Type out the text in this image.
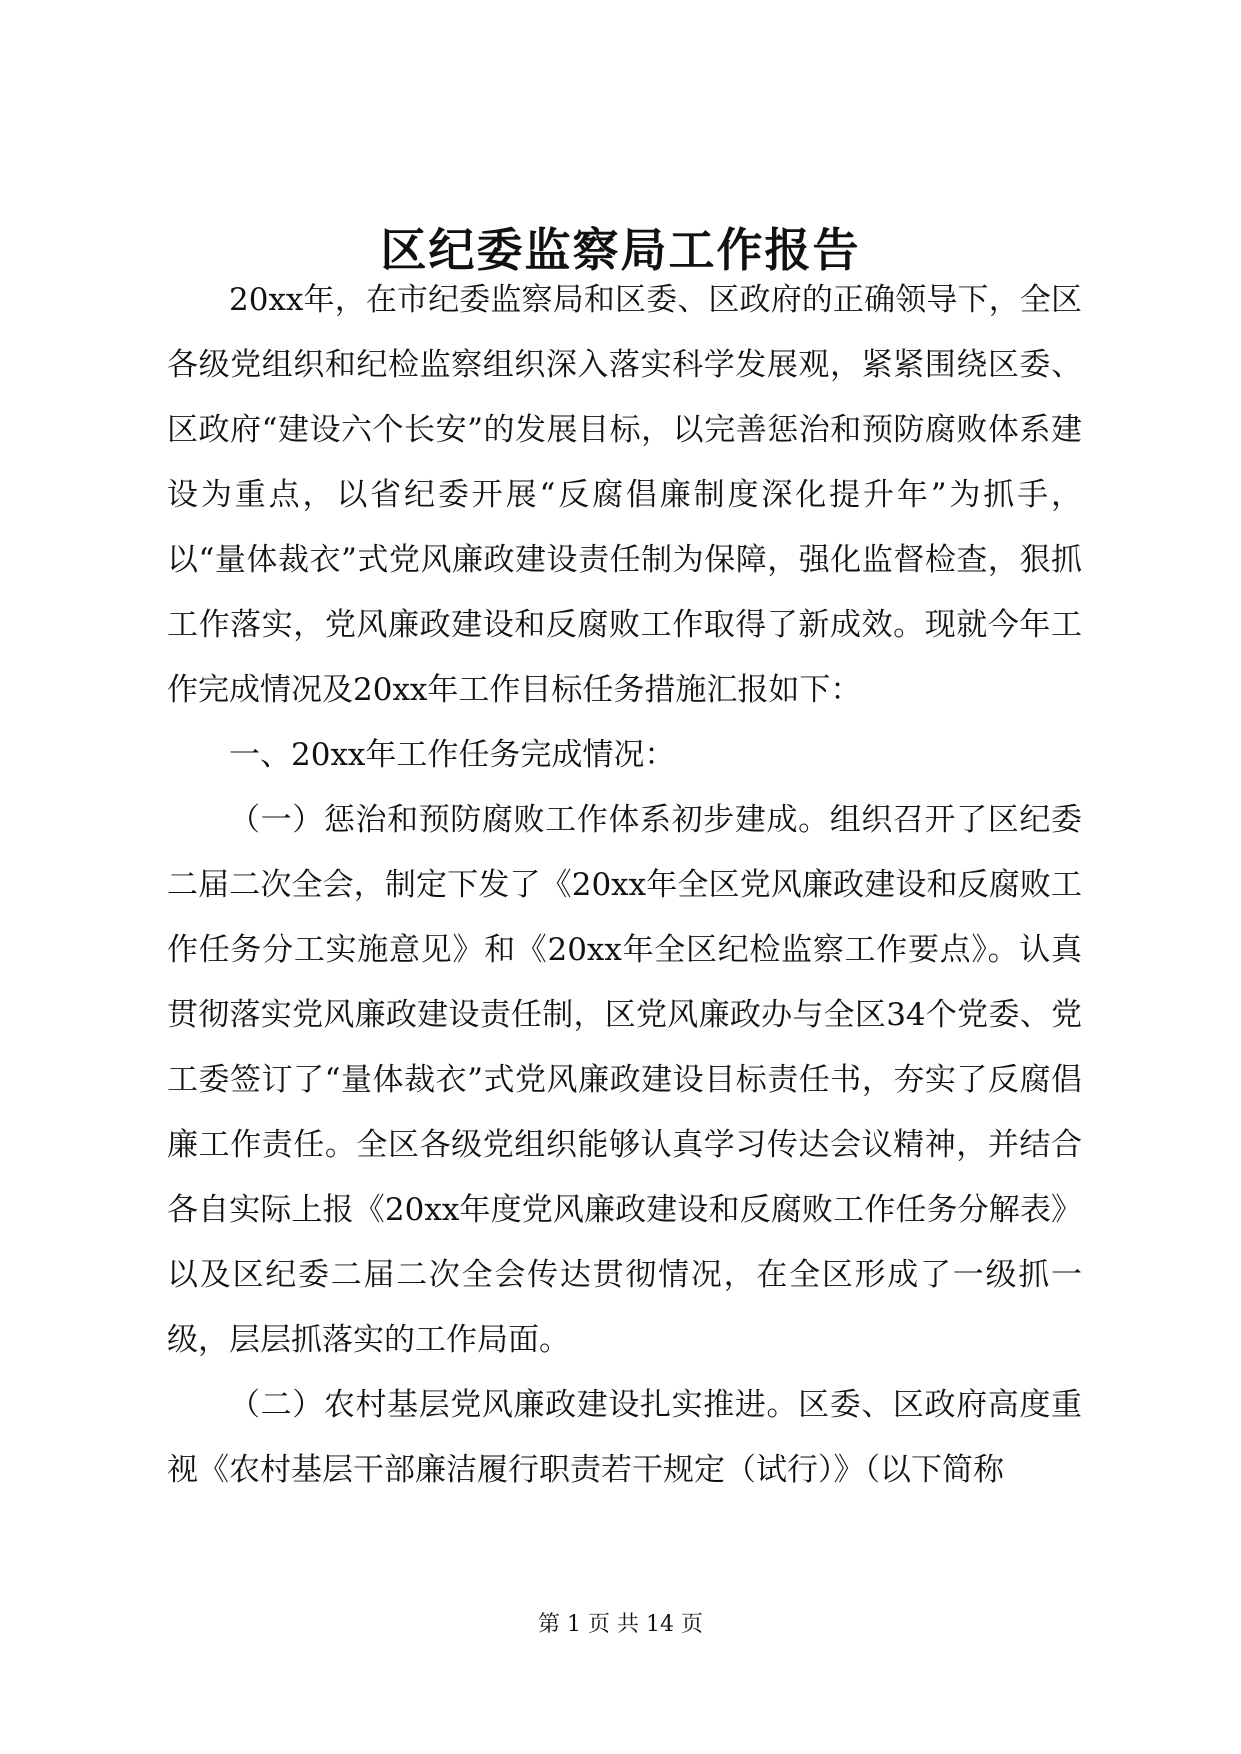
区纪委监察局工作报告

20xx年，在市纪委监察局和区委、区政府的正确领导下，全区各级党组织和纪检监察组织深入落实科学发展观，紧紧围绕区委、区政府“建设六个长安”的发展目标，以完善惩治和预防腐败体系建设为重点，以省纪委开展“反腐倡廉制度深化提升年”为抓手，以“量体裁衣”式党风廉政建设责任制为保障，强化监督检查，狠抓工作落实，党风廉政建设和反腐败工作取得了新成效。现就今年工作完成情况及20xx年工作目标任务措施汇报如下：

一、20xx年工作任务完成情况：

（一）惩治和预防腐败工作体系初步建成。组织召开了区纪委二届二次全会，制定下发了《20xx年全区党风廉政建设和反腐败工作任务分工实施意见》和《20xx年全区纪检监察工作要点》。认真贯彻落实党风廉政建设责任制，区党风廉政办与全区34个党委、党工委签订了“量体裁衣”式党风廉政建设目标责任书，夯实了反腐倡廉工作责任。全区各级党组织能够认真学习传达会议精神，并结合各自实际上报《20xx年度党风廉政建设和反腐败工作任务分解表》以及区纪委二届二次全会传达贯彻情况，在全区形成了一级抓一级，层层抓落实的工作局面。

（二）农村基层党风廉政建设扎实推进。区委、区政府高度重视《农村基层干部廉洁履行职责若干规定（试行）》（以下简称

第 1 页 共 14 页
